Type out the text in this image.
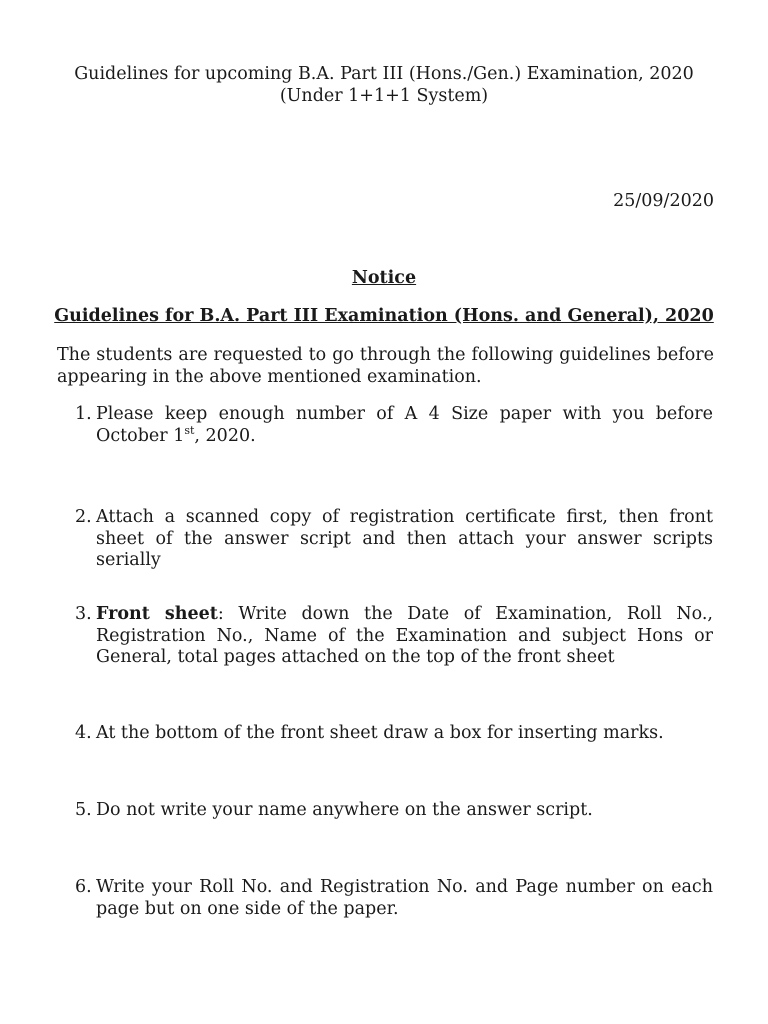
Guidelines for upcoming B.A. Part III (Hons./Gen.) Examination, 2020
(Under 1+1+1 System)
25/09/2020
Notice
Guidelines for B.A. Part III Examination (Hons. and General), 2020
The students are requested to go through the following guidelines before appearing in the above mentioned examination.
1. Please keep enough number of A 4 Size paper with you before October 1st, 2020.
2. Attach a scanned copy of registration certificate first, then front sheet of the answer script and then attach your answer scripts serially
3. Front sheet: Write down the Date of Examination, Roll No., Registration No., Name of the Examination and subject Hons or General, total pages attached on the top of the front sheet
4. At the bottom of the front sheet draw a box for inserting marks.
5. Do not write your name anywhere on the answer script.
6. Write your Roll No. and Registration No. and Page number on each page but on one side of the paper.
